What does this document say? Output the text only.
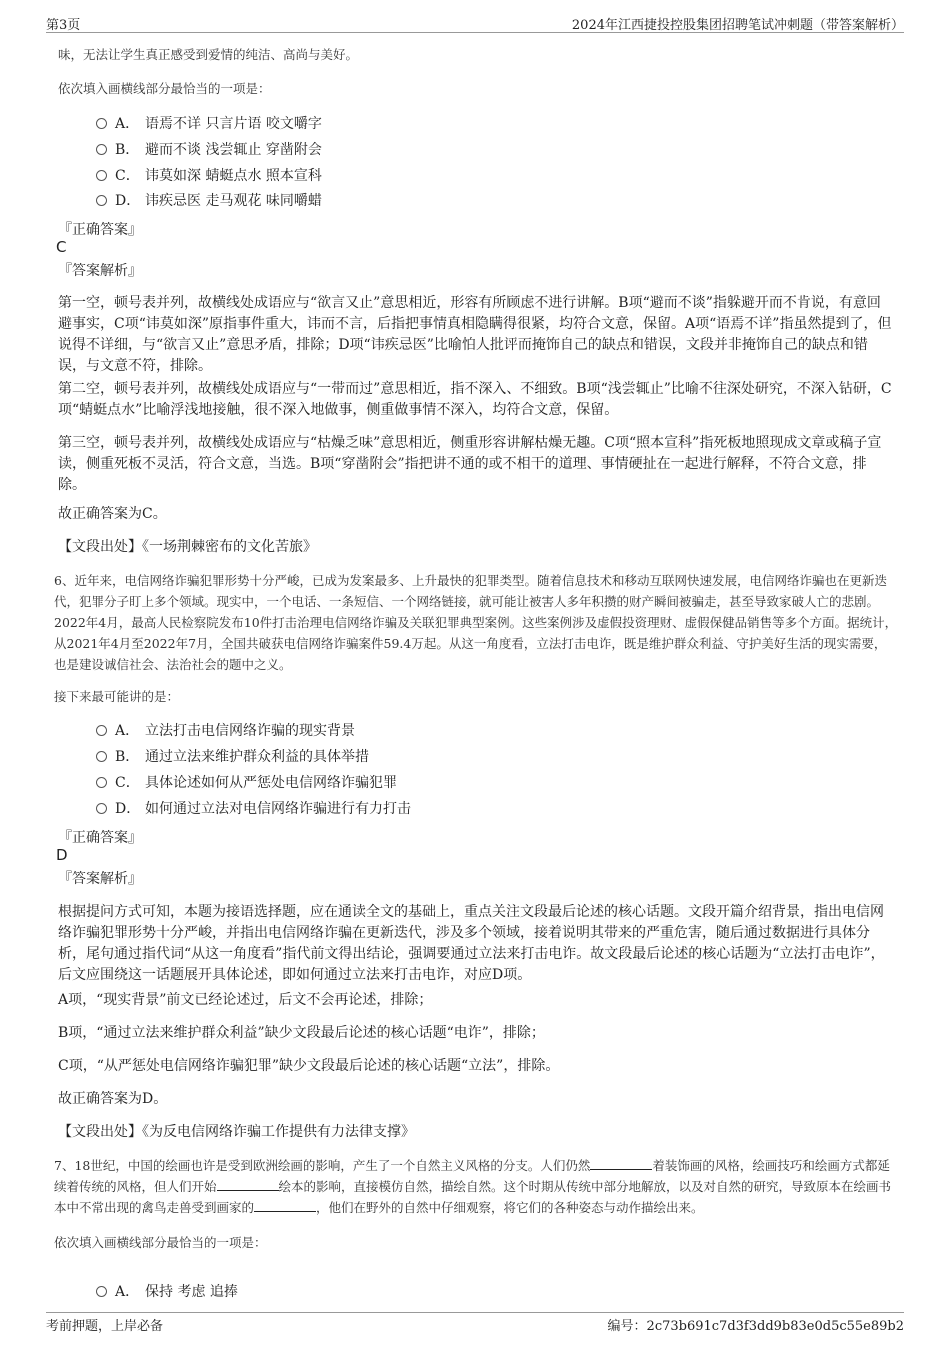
第3页	2024年江西捷投控股集团招聘笔试冲刺题（带答案解析）
味，无法让学生真正感受到爱情的纯洁、高尚与美好。
依次填入画横线部分最恰当的一项是：
A． 语焉不详 只言片语 咬文嚼字
B． 避而不谈 浅尝辄止 穿凿附会
C． 讳莫如深 蜻蜓点水 照本宣科
D． 讳疾忌医 走马观花 味同嚼蜡
『正确答案』
C
『答案解析』
第一空，顿号表并列，故横线处成语应与“欲言又止”意思相近，形容有所顾虑不进行讲解。B项“避而不谈”指躲避开而不肯说，有意回避事实，C项“讳莫如深”原指事件重大，讳而不言，后指把事情真相隐瞒得很紧，均符合文意，保留。A项“语焉不详”指虽然提到了，但说得不详细，与“欲言又止”意思矛盾，排除；D项“讳疾忌医”比喻怕人批评而掩饰自己的缺点和错误，文段并非掩饰自己的缺点和错误，与文意不符，排除。
第二空，顿号表并列，故横线处成语应与“一带而过”意思相近，指不深入、不细致。B项“浅尝辄止”比喻不往深处研究，不深入钻研，C项“蜻蜓点水”比喻浮浅地接触，很不深入地做事，侧重做事情不深入，均符合文意，保留。
第三空，顿号表并列，故横线处成语应与“枯燥乏味”意思相近，侧重形容讲解枯燥无趣。C项“照本宣科”指死板地照现成文章或稿子宣读，侧重死板不灵活，符合文意，当选。B项“穿凿附会”指把讲不通的或不相干的道理、事情硬扯在一起进行解释，不符合文意，排除。
故正确答案为C。
【文段出处】《一场荆棘密布的文化苦旅》
6、近年来，电信网络诈骗犯罪形势十分严峻，已成为发案最多、上升最快的犯罪类型。随着信息技术和移动互联网快速发展，电信网络诈骗也在更新迭代，犯罪分子盯上多个领域。现实中，一个电话、一条短信、一个网络链接，就可能让被害人多年积攒的财产瞬间被骗走，甚至导致家破人亡的悲剧。2022年4月，最高人民检察院发布10件打击治理电信网络诈骗及关联犯罪典型案例。这些案例涉及虚假投资理财、虚假保健品销售等多个方面。据统计，从2021年4月至2022年7月，全国共破获电信网络诈骗案件59.4万起。从这一角度看，立法打击电诈，既是维护群众利益、守护美好生活的现实需要，也是建设诚信社会、法治社会的题中之义。
接下来最可能讲的是：
A． 立法打击电信网络诈骗的现实背景
B． 通过立法来维护群众利益的具体举措
C． 具体论述如何从严惩处电信网络诈骗犯罪
D． 如何通过立法对电信网络诈骗进行有力打击
『正确答案』
D
『答案解析』
根据提问方式可知，本题为接语选择题，应在通读全文的基础上，重点关注文段最后论述的核心话题。文段开篇介绍背景，指出电信网络诈骗犯罪形势十分严峻，并指出电信网络诈骗在更新迭代，涉及多个领域，接着说明其带来的严重危害，随后通过数据进行具体分析，尾句通过指代词“从这一角度看”指代前文得出结论，强调要通过立法来打击电诈。故文段最后论述的核心话题为“立法打击电诈”，后文应围绕这一话题展开具体论述，即如何通过立法来打击电诈，对应D项。
A项，“现实背景”前文已经论述过，后文不会再论述，排除；
B项，“通过立法来维护群众利益”缺少文段最后论述的核心话题“电诈”，排除；
C项，“从严惩处电信网络诈骗犯罪”缺少文段最后论述的核心话题“立法”，排除。
故正确答案为D。
【文段出处】《为反电信网络诈骗工作提供有力法律支撑》
7、18世纪，中国的绘画也许是受到欧洲绘画的影响，产生了一个自然主义风格的分支。人们仍然	着装饰画的风格，绘画技巧和绘画方式都延续着传统的风格，但人们开始	绘本的影响，直接模仿自然，描绘自然。这个时期从传统中部分地解放，以及对自然的研究，导致原本在绘画书本中不常出现的禽鸟走兽受到画家的	，他们在野外的自然中仔细观察，将它们的各种姿态与动作描绘出来。
依次填入画横线部分最恰当的一项是：
A． 保持 考虑 追捧
考前押题，上岸必备	编号：2c73b691c7d3f3dd9b83e0d5c55e89b2
